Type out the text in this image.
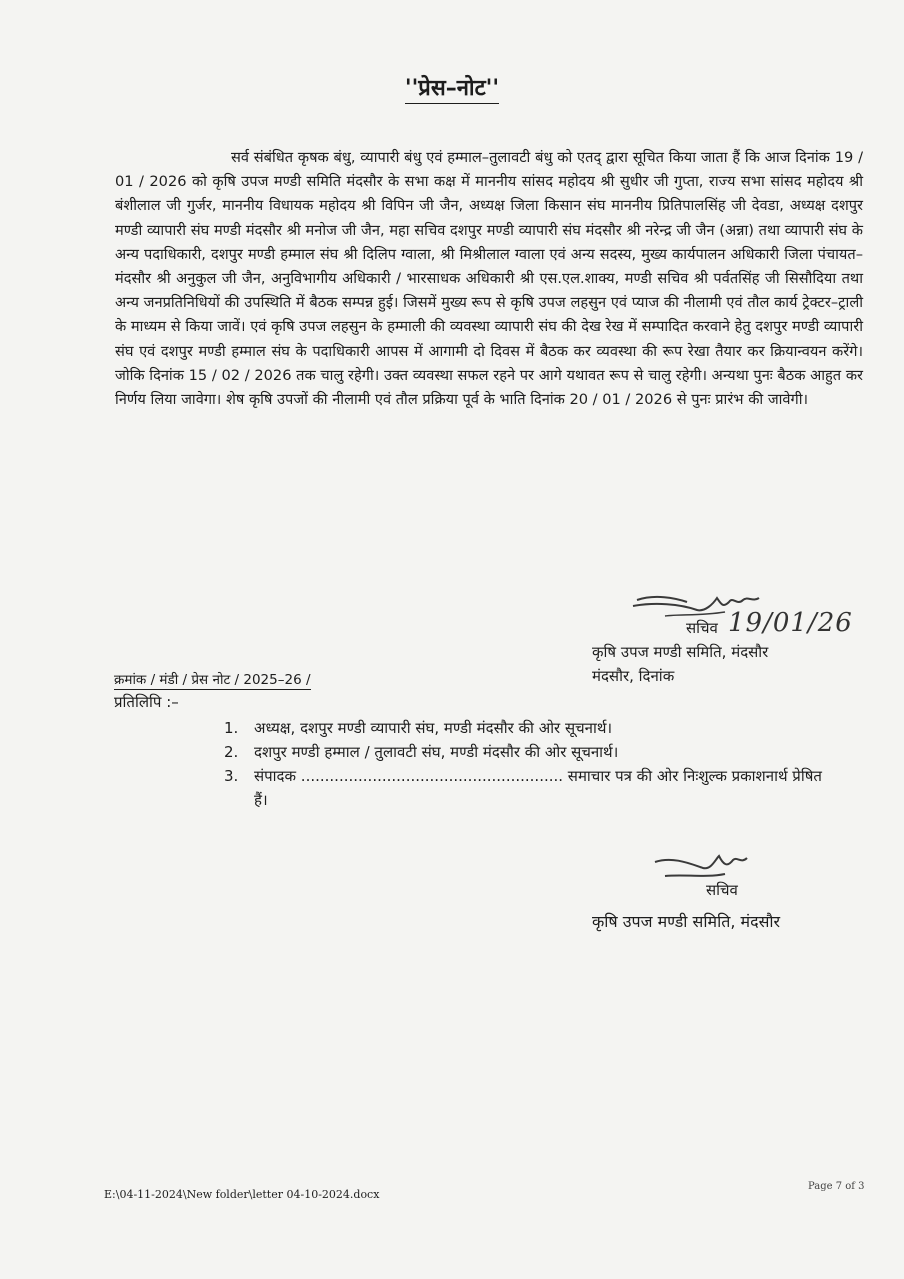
''प्रेस–नोट''

सर्व संबंधित कृषक बंधु, व्यापारी बंधु एवं हम्माल–तुलावटी बंधु को एतद् द्वारा सूचित किया जाता हैं कि आज दिनांक 19 / 01 / 2026 को कृषि उपज मण्डी समिति मंदसौर के सभा कक्ष में माननीय सांसद महोदय श्री सुधीर जी गुप्ता, राज्य सभा सांसद महोदय श्री बंशीलाल जी गुर्जर, माननीय विधायक महोदय श्री विपिन जी जैन, अध्यक्ष जिला किसान संघ माननीय प्रितिपालसिंह जी देवडा, अध्यक्ष दशपुर मण्डी व्यापारी संघ मण्डी मंदसौर श्री मनोज जी जैन, महा सचिव दशपुर मण्डी व्यापारी संघ मंदसौर श्री नरेन्द्र जी जैन (अन्ना) तथा व्यापारी संघ के अन्य पदाधिकारी, दशपुर मण्डी हम्माल संघ श्री दिलिप ग्वाला, श्री मिश्रीलाल ग्वाला एवं अन्य सदस्य, मुख्य कार्यपालन अधिकारी जिला पंचायत– मंदसौर श्री अनुकुल जी जैन, अनुविभागीय अधिकारी / भारसाधक अधिकारी श्री एस.एल.शाक्य, मण्डी सचिव श्री पर्वतसिंह जी सिसौदिया तथा अन्य जनप्रतिनिधियों की उपस्थिति में बैठक सम्पन्न हुई। जिसमें मुख्य रूप से कृषि उपज लहसुन एवं प्याज की नीलामी एवं तौल कार्य ट्रेक्टर–ट्राली के माध्यम से किया जावें। एवं कृषि उपज लहसुन के हम्माली की व्यवस्था व्यापारी संघ की देख रेख में सम्पादित करवाने हेतु दशपुर मण्डी व्यापारी संघ एवं दशपुर मण्डी हम्माल संघ के पदाधिकारी आपस में आगामी दो दिवस में बैठक कर व्यवस्था की रूप रेखा तैयार कर क्रियान्वयन करेंगे। जोकि दिनांक 15 / 02 / 2026 तक चालु रहेगी। उक्त व्यवस्था सफल रहने पर आगे यथावत रूप से चालु रहेगी। अन्यथा पुनः बैठक आहुत कर निर्णय लिया जावेगा। शेष कृषि उपजों की नीलामी एवं तौल प्रक्रिया पूर्व के भाति दिनांक 20 / 01 / 2026 से पुनः प्रारंभ की जावेगी।

सचिव 19/01/26
कृषि उपज मण्डी समिति, मंदसौर
मंदसौर, दिनांक
क्रमांक / मंडी / प्रेस नोट / 2025–26 /
प्रतिलिपि :–
1. अध्यक्ष, दशपुर मण्डी व्यापारी संघ, मण्डी मंदसौर की ओर सूचनार्थ।
2. दशपुर मण्डी हम्माल / तुलावटी संघ, मण्डी मंदसौर की ओर सूचनार्थ।
3. संपादक ....................................................... समाचार पत्र की ओर निःशुल्क प्रकाशनार्थ प्रेषित हैं।
सचिव
कृषि उपज मण्डी समिति, मंदसौर
E:\04-11-2024\New folder\letter 04-10-2024.docx
Page 7 of 3
